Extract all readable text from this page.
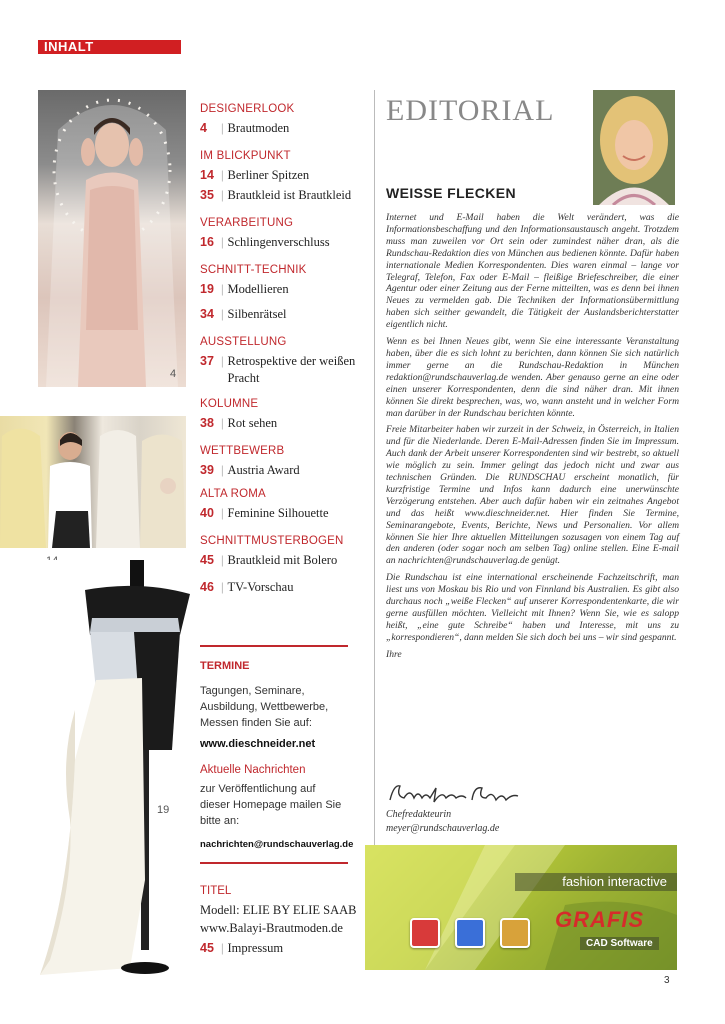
INHALT
4
19
DESIGNERLOOK
4	| Brautmoden
IM BLICKPUNKT
14 | Berliner Spitzen
35 | Brautkleid ist Brautkleid
VERARBEITUNG
16 | Schlingenverschluss
SCHNITT-TECHNIK
19 | Modellieren
34 | Silbenrätsel
AUSSTELLUNG
37 | Retrospektive der weißen Pracht
KOLUMNE
38 | Rot sehen
WETTBEWERB
39 | Austria Award
ALTA ROMA
40 | Feminine Silhouette
SCHNITTMUSTERBOGEN
45 | Brautkleid mit Bolero
46 | TV-Vorschau
TERMINE
Tagungen, Seminare,
Ausbildung, Wettbewerbe,
Messen finden Sie auf:
www.dieschneider.net
Aktuelle Nachrichten
zur Veröffentlichung auf
dieser Homepage mailen Sie
bitte an:
nachrichten@rundschauverlag.de
TITEL
Modell: ELIE BY ELIE SAAB
www.Balayi-Brautmoden.de
45 | Impressum
EDITORIAL
WEISSE FLECKEN

Internet und E-Mail haben die Welt verändert, was die Informationsbeschaffung und den Informationsaustausch angeht. Trotzdem muss man zuweilen vor Ort sein oder zumindest näher dran, als die Rundschau-Redaktion dies von München aus bedienen könnte. Dafür haben internationale Medien Korrespondenten. Dies waren einmal – lange vor Telegraf, Telefon, Fax oder E-Mail – fleißige Briefeschreiber, die einer Agentur oder einer Zeitung aus der Ferne mitteilten, was es denn bei ihnen Neues zu vermelden gab. Die Techniken der Informationsübermittlung haben sich seither gewandelt, die Tätigkeit der Auslandsberichterstatter eigentlich nicht.

Wenn es bei Ihnen Neues gibt, wenn Sie eine interessante Veranstaltung haben, über die es sich lohnt zu berichten, dann können Sie sich natürlich immer gerne an die Rundschau-Redaktion in München redaktion@rundschauverlag.de wenden. Aber genauso gerne an eine oder einen unserer Korrespondenten, denn die sind näher dran. Mit ihnen können Sie direkt besprechen, was, wo, wann ansteht und in welcher Form man darüber in der Rundschau berichten könnte.

Freie Mitarbeiter haben wir zurzeit in der Schweiz, in Österreich, in Italien und für die Niederlande. Deren E-Mail-Adressen finden Sie im Impressum. Auch dank der Arbeit unserer Korrespondenten sind wir bestrebt, so aktuell wie möglich zu sein. Immer gelingt das jedoch nicht und zwar aus technischen Gründen. Die RUNDSCHAU erscheint monatlich, für kurzfristige Termine und Infos kann dadurch eine unerwünschte Verzögerung entstehen. Aber auch dafür haben wir ein zeitnahes Angebot und das heißt www.dieschneider.net. Hier finden Sie Termine, Seminarangebote, Events, Berichte, News und Personalien. Vor allem können Sie hier Ihre aktuellen Mitteilungen sozusagen von einem Tag auf den anderen (oder sogar noch am selben Tag) online stellen. Eine E-mail an nachrichten@rundschauverlag.de genügt.

Die Rundschau ist eine international erscheinende Fachzeitschrift, man liest uns von Moskau bis Rio und von Finnland bis Australien. Es gibt also durchaus noch „weiße Flecken“ auf unserer Korrespondentenkarte, die wir gerne ausfüllen möchten. Vielleicht mit Ihnen? Wenn Sie, wie es salopp heißt, „eine gute Schreibe“ haben und Interesse, mit uns zu „korrespondieren“, dann melden Sie sich doch bei uns – wir sind gespannt.

Ihre

Chefredakteurin
meyer@rundschauverlag.de
fashion interactive
GRAFIS
CAD Software
3
